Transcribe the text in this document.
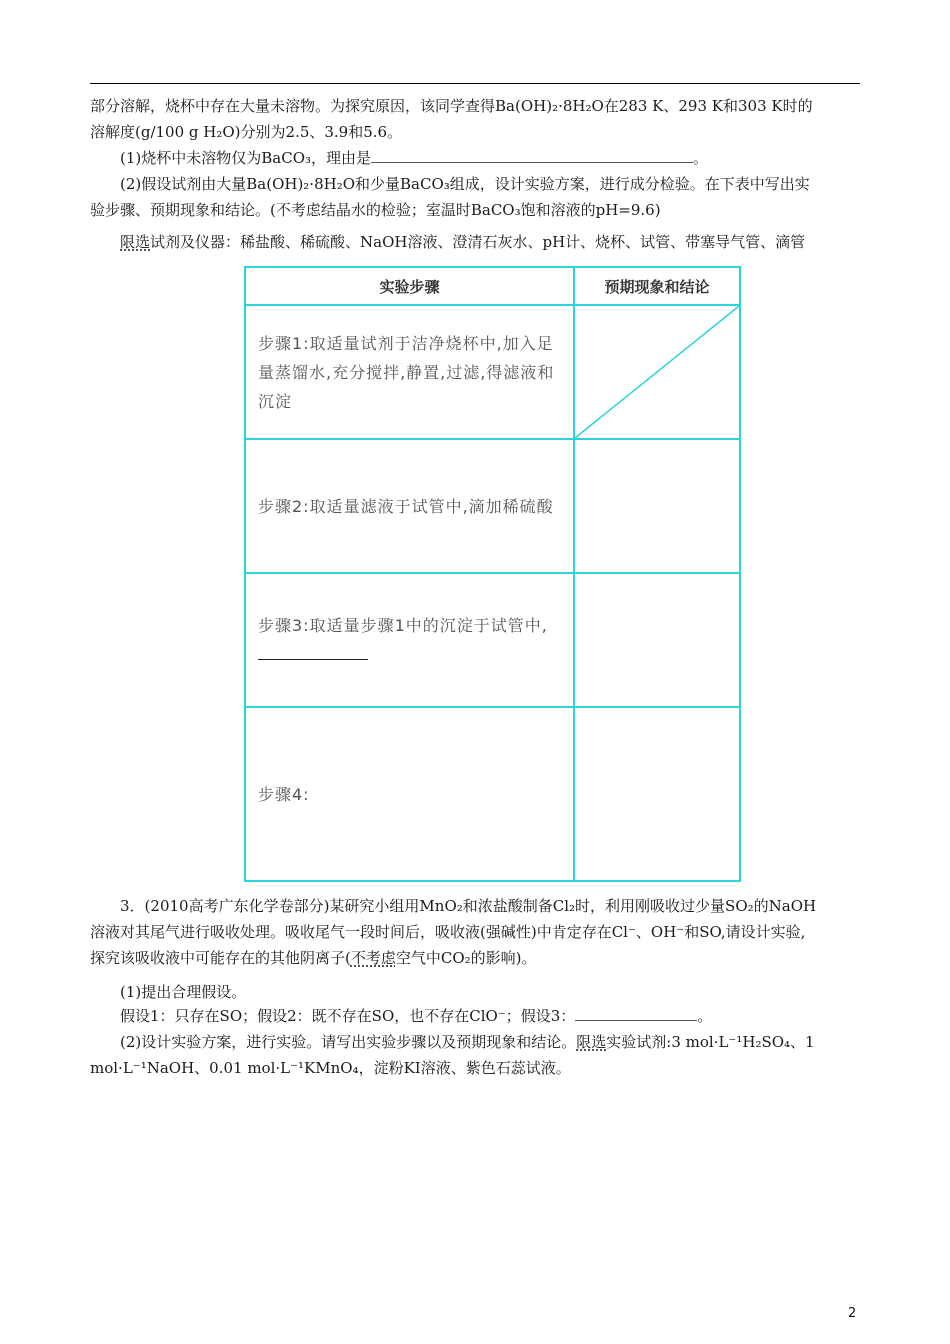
部分溶解，烧杯中存在大量未溶物。为探究原因，该同学查得Ba(OH)₂·8H₂O在283 K、293 K和303 K时的
溶解度(g/100 g H₂O)分别为2.5、3.9和5.6。
(1)烧杯中未溶物仅为BaCO₃，理由是	。
(2)假设试剂由大量Ba(OH)₂·8H₂O和少量BaCO₃组成，设计实验方案，进行成分检验。在下表中写出实
验步骤、预期现象和结论。(不考虑结晶水的检验；室温时BaCO₃饱和溶液的pH=9.6)
限选试剂及仪器：稀盐酸、稀硫酸、NaOH溶液、澄清石灰水、pH计、烧杯、试管、带塞导气管、滴管
实验步骤	预期现象和结论
步骤1:取适量试剂于洁净烧杯中,加入足量蒸馏水,充分搅拌,静置,过滤,得滤液和沉淀	

步骤2:取适量滤液于试管中,滴加稀硫酸	
步骤3:取适量步骤1中的沉淀于试管中,	
步骤4:	
3．(2010高考广东化学卷部分)某研究小组用MnO₂和浓盐酸制备Cl₂时，利用刚吸收过少量SO₂的NaOH
溶液对其尾气进行吸收处理。吸收尾气一段时间后，吸收液(强碱性)中肯定存在Cl⁻、OH⁻和SO,请设计实验,
探究该吸收液中可能存在的其他阴离子(不考虑空气中CO₂的影响)。
(1)提出合理假设。
假设1：只存在SO；假设2：既不存在SO，也不存在ClO⁻；假设3：	。
(2)设计实验方案，进行实验。请写出实验步骤以及预期现象和结论。限选实验试剂:3 mol·L⁻¹H₂SO₄、1
mol·L⁻¹NaOH、0.01 mol·L⁻¹KMnO₄，淀粉KI溶液、紫色石蕊试液。
2
